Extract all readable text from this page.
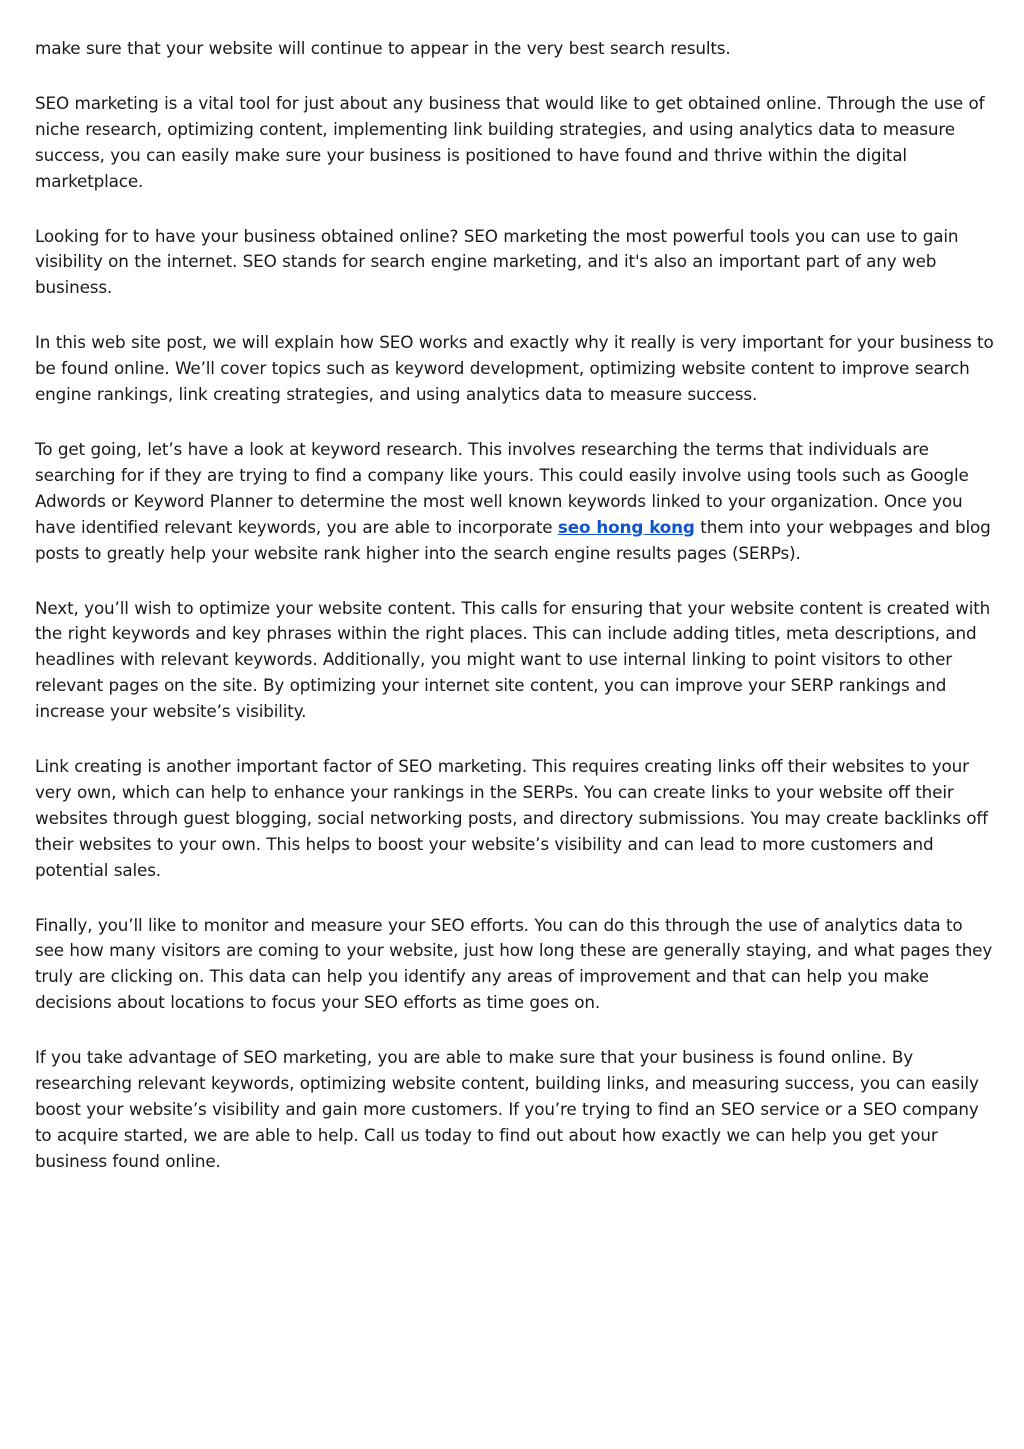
make sure that your website will continue to appear in the very best search results.

SEO marketing is a vital tool for just about any business that would like to get obtained online. Through the use of niche research, optimizing content, implementing link building strategies, and using analytics data to measure success, you can easily make sure your business is positioned to have found and thrive within the digital marketplace.

Looking for to have your business obtained online? SEO marketing the most powerful tools you can use to gain visibility on the internet. SEO stands for search engine marketing, and it's also an important part of any web business.

In this web site post, we will explain how SEO works and exactly why it really is very important for your business to be found online. We’ll cover topics such as keyword development, optimizing website content to improve search engine rankings, link creating strategies, and using analytics data to measure success.

To get going, let’s have a look at keyword research. This involves researching the terms that individuals are searching for if they are trying to find a company like yours. This could easily involve using tools such as Google Adwords or Keyword Planner to determine the most well known keywords linked to your organization. Once you have identified relevant keywords, you are able to incorporate seo hong kong them into your webpages and blog posts to greatly help your website rank higher into the search engine results pages (SERPs).

Next, you’ll wish to optimize your website content. This calls for ensuring that your website content is created with the right keywords and key phrases within the right places. This can include adding titles, meta descriptions, and headlines with relevant keywords. Additionally, you might want to use internal linking to point visitors to other relevant pages on the site. By optimizing your internet site content, you can improve your SERP rankings and increase your website’s visibility.

Link creating is another important factor of SEO marketing. This requires creating links off their websites to your very own, which can help to enhance your rankings in the SERPs. You can create links to your website off their websites through guest blogging, social networking posts, and directory submissions. You may create backlinks off their websites to your own. This helps to boost your website’s visibility and can lead to more customers and potential sales.

Finally, you’ll like to monitor and measure your SEO efforts. You can do this through the use of analytics data to see how many visitors are coming to your website, just how long these are generally staying, and what pages they truly are clicking on. This data can help you identify any areas of improvement and that can help you make decisions about locations to focus your SEO efforts as time goes on.

If you take advantage of SEO marketing, you are able to make sure that your business is found online. By researching relevant keywords, optimizing website content, building links, and measuring success, you can easily boost your website’s visibility and gain more customers. If you’re trying to find an SEO service or a SEO company to acquire started, we are able to help. Call us today to find out about how exactly we can help you get your business found online.
